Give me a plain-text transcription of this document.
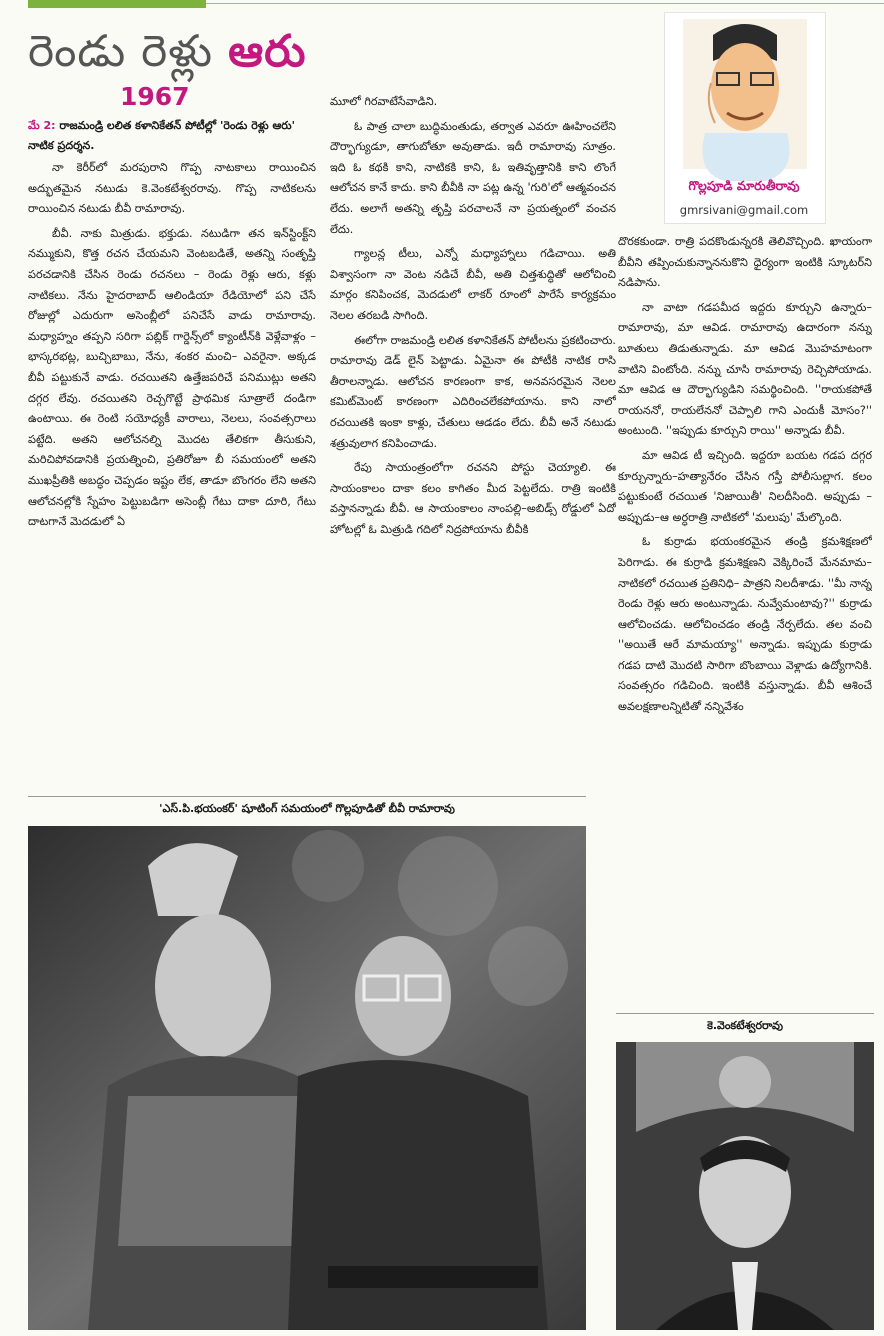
రెండు రెళ్లు ఆరు
1967
మే 2: రాజమండ్రి లలిత కళానికేతన్ పోటీల్లో 'రెండు రెళ్లు ఆరు' నాటిక ప్రదర్శన.
గొల్లపూడి మారుతీరావు
gmrsivani@gmail.com

నా కెరీర్‌లో మరపురాని గొప్ప నాటకాలు రాయించిన అద్భుతమైన నటుడు కె.వెంకటేశ్వరరావు. గొప్ప నాటికలను రాయించిన నటుడు బీవీ రామారావు.

బీవీ. నాకు మిత్రుడు. భక్తుడు. నటుడిగా తన ఇన్‌స్టింక్ట్‌ని నమ్ముకుని, కొత్త రచన చేయమని వెంటబడితే, అతన్ని సంతృప్తి పరచడానికి చేసిన రెండు రచనలు – రెండు రెళ్లు ఆరు, కళ్లు నాటికలు. నేను హైదరాబాద్ ఆలిండియా రేడియోలో పని చేసే రోజుల్లో ఎదురుగా అసెంబ్లీలో పనిచేసే వాడు రామారావు. మధ్యాహ్నం తప్పని సరిగా పబ్లిక్ గార్డెన్స్‌లో క్యాంటీన్‌కి వెళ్లేవాళ్లం –భాస్కరభట్ల, బుచ్చిబాబు, నేను, శంకర మంచి– ఎవరైనా. అక్కడ బీవీ పట్టుకునే వాడు. రచయితని ఉత్తేజపరిచే పనిముట్లు అతని దగ్గర లేవు. రచయితని రెచ్చగొట్టే ప్రాథమిక సూత్రాలే దండిగా ఉంటాయి. ఈ రెంటి సయోధ్యకీ వారాలు, నెలలు, సంవత్సరాలు పట్టేది. అతని ఆలోచనల్ని మొదట తేలికగా తీసుకుని, మరిచిపోవడానికి ప్రయత్నించి, ప్రతిరోజూ బీ సమయంలో అతని ముఖప్రీతికి అబద్ధం చెప్పడం ఇష్టం లేక, తాడూ బొంగరం లేని అతని ఆలోచనల్లోకి స్నేహం పెట్టుబడిగా అసెంబ్లీ గేటు దాకా దూరి, గేటు దాటగానే మెదడులో ఏ

మూలో గిరవాటేసేవాడిని.

ఓ పాత్ర చాలా బుద్ధిమంతుడు, తర్వాత ఎవరూ ఊహించలేని దౌర్భాగ్యుడూ, తాగుబోతూ అవుతాడు. ఇదీ రామారావు సూత్రం. ఇది ఓ కథకి కాని, నాటికకి కాని, ఓ ఇతివృత్తానికి కాని లొంగే ఆలోచన కానే కాదు. కాని బీవీకి నా పట్ల ఉన్న 'గురి'లో ఆత్మవంచన లేదు. అలాగే అతన్ని తృప్తి పరచాలనే నా ప్రయత్నంలో వంచన లేదు.

గ్యాలన్ల టీలు, ఎన్నో మధ్యాహ్నాలు గడిచాయి. అతి విశ్వాసంగా నా వెంట నడిచే బీవీ, అతి చిత్తశుద్ధితో ఆలోచించి మార్గం కనిపించక, మెదడులో లాకర్ రూంలో పారేసే కార్యక్రమం నెలల తరబడి సాగింది.

ఈలోగా రాజమండ్రి లలిత కళానికేతన్ పోటీలను ప్రకటించారు. రామారావు డెడ్ లైన్ పెట్టాడు. ఏమైనా ఈ పోటీకి నాటిక రాసి తీరాలన్నాడు. ఆలోచన కారణంగా కాక, అనవసరమైన నెలల కమిట్‌మెంట్ కారణంగా ఎదిరించలేకపోయాను. కాని నాలో రచయితకి ఇంకా కాళ్లు, చేతులు ఆడడం లేదు. బీవీ అనే నటుడు శత్రువులాగ కనిపించాడు.

రేపు సాయంత్రంలోగా రచనని పోస్టు చెయ్యాలి. ఈ సాయంకాలం దాకా కలం కాగితం మీద పెట్టలేదు. రాత్రి ఇంటికి వస్తానన్నాడు బీవీ. ఆ సాయంకాలం నాంపల్లి–అబిడ్స్ రోడ్డులో ఏదో హోటల్లో ఓ మిత్రుడి గదిలో నిద్రపోయాను బీవీకి

దొరకకుండా. రాత్రి పదకొండున్నరకి తెలివొచ్చింది. ఖాయంగా బీవీని తప్పించుకున్నాననుకొని ధైర్యంగా ఇంటికి స్కూటర్‌ని నడిపాను.

నా వాటా గడపమీద ఇద్దరు కూర్చుని ఉన్నారు–రామారావు, మా ఆవిడ. రామారావు ఉదారంగా నన్ను బూతులు తిడుతున్నాడు. మా ఆవిడ మొహమాటంగా వాటిని వింటోంది. నన్ను చూసి రామారావు రెచ్చిపోయాడు. మా ఆవిడ ఆ దౌర్భాగ్యుడిని సమర్థించింది. ''రాయకపోతే రాయననో, రాయలేననో చెప్పాలి గాని ఎందుకీ మోసం?'' అంటుంది. ''ఇప్పుడు కూర్చుని రాయి'' అన్నాడు బీవీ.

మా ఆవిడ టీ ఇచ్చింది. ఇద్దరూ బయట గడప దగ్గర కూర్చున్నారు–హత్యానేరం చేసిన గస్తీ పోలీసుల్లాగ. కలం పట్టుకుంటే రచయిత 'నిజాయితీ' నిలదీసింది. అప్పుడు –అప్పుడు–ఆ అర్ధరాత్రి నాటికలో 'మలుపు' మేల్కొంది.

ఓ కుర్రాడు భయంకరమైన తండ్రి క్రమశిక్షణలో పెరిగాడు. ఈ కుర్రాడి క్రమశిక్షణని వెక్కిరించే మేనమామ– నాటికలో రచయిత ప్రతినిధి– పాత్రని నిలదీశాడు. ''మీ నాన్న రెండు రెళ్లు ఆరు అంటున్నాడు. నువ్వేమంటావు?'' కుర్రాడు ఆలోచించడు. ఆలోచించడం తండ్రి నేర్పలేదు. తల వంచి ''అయితే ఆరే మామయ్యా'' అన్నాడు. ఇప్పుడు కుర్రాడు గడప దాటి మొదటి సారిగా బొంబాయి వెళ్లాడు ఉద్యోగానికి. సంవత్సరం గడిచింది. ఇంటికి వస్తున్నాడు. బీవీ ఆశించే అవలక్షణాలన్నిటితో నన్నివేశం

'ఎస్.పి.భయంకర్' షూటింగ్ సమయంలో గొల్లపూడితో బీవీ రామారావు
కె.వెంకటేశ్వరరావు
